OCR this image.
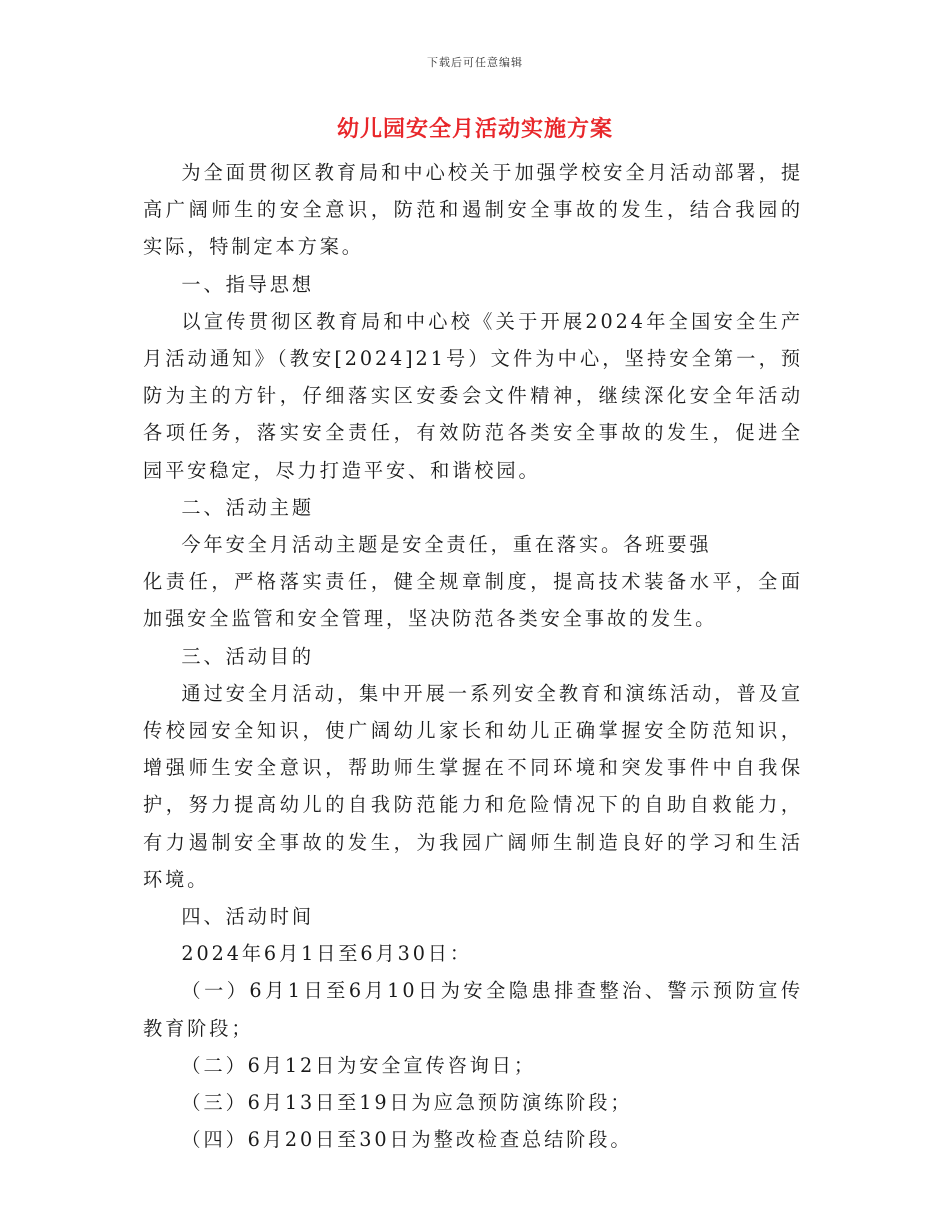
下载后可任意编辑
幼儿园安全月活动实施方案

为全面贯彻区教育局和中心校关于加强学校安全月活动部署，提高广阔师生的安全意识，防范和遏制安全事故的发生，结合我园的实际，特制定本方案。

一、指导思想

以宣传贯彻区教育局和中心校《关于开展2024年全国安全生产月活动通知》（教安[2024]21号）文件为中心，坚持安全第一，预防为主的方针，仔细落实区安委会文件精神，继续深化安全年活动各项任务，落实安全责任，有效防范各类安全事故的发生，促进全园平安稳定，尽力打造平安、和谐校园。

二、活动主题

今年安全月活动主题是安全责任，重在落实。各班要强

化责任，严格落实责任，健全规章制度，提高技术装备水平，全面加强安全监管和安全管理，坚决防范各类安全事故的发生。

三、活动目的

通过安全月活动，集中开展一系列安全教育和演练活动，普及宣传校园安全知识，使广阔幼儿家长和幼儿正确掌握安全防范知识，增强师生安全意识，帮助师生掌握在不同环境和突发事件中自我保护，努力提高幼儿的自我防范能力和危险情况下的自助自救能力，有力遏制安全事故的发生，为我园广阔师生制造良好的学习和生活环境。

四、活动时间

2024年6月1日至6月30日：

（一）6月1日至6月10日为安全隐患排查整治、警示预防宣传教育阶段；

（二）6月12日为安全宣传咨询日；

（三）6月13日至19日为应急预防演练阶段；

（四）6月20日至30日为整改检查总结阶段。
